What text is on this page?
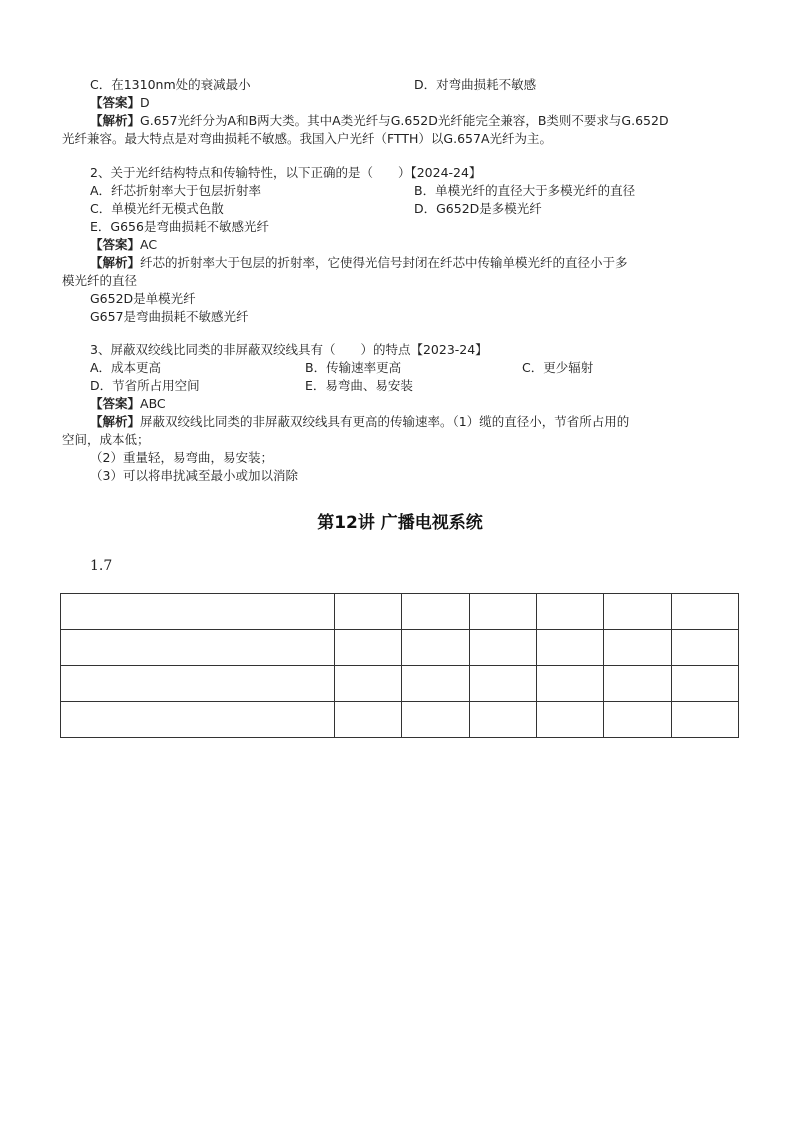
C．在1310nm处的衰减最小	D．对弯曲损耗不敏感
【答案】D
【解析】G.657光纤分为A和B两大类。其中A类光纤与G.652D光纤能完全兼容，B类则不要求与G.652D
光纤兼容。最大特点是对弯曲损耗不敏感。我国入户光纤（FTTH）以G.657A光纤为主。
2、关于光纤结构特点和传输特性，以下正确的是（　　）【2024-24】
A．纤芯折射率大于包层折射率	B．单模光纤的直径大于多模光纤的直径
C．单模光纤无模式色散	D．G652D是多模光纤
E．G656是弯曲损耗不敏感光纤
【答案】AC
【解析】纤芯的折射率大于包层的折射率，它使得光信号封闭在纤芯中传输单模光纤的直径小于多
模光纤的直径
G652D是单模光纤
G657是弯曲损耗不敏感光纤
3、屏蔽双绞线比同类的非屏蔽双绞线具有（　　）的特点【2023-24】
A．成本更高	B．传输速率更高	C．更少辐射
D．节省所占用空间	E．易弯曲、易安装
【答案】ABC
【解析】屏蔽双绞线比同类的非屏蔽双绞线具有更高的传输速率。（1）缆的直径小，节省所占用的
空间，成本低；
（2）重量轻，易弯曲，易安装；
（3）可以将串扰减至最小或加以消除
第12讲 广播电视系统
1.7
